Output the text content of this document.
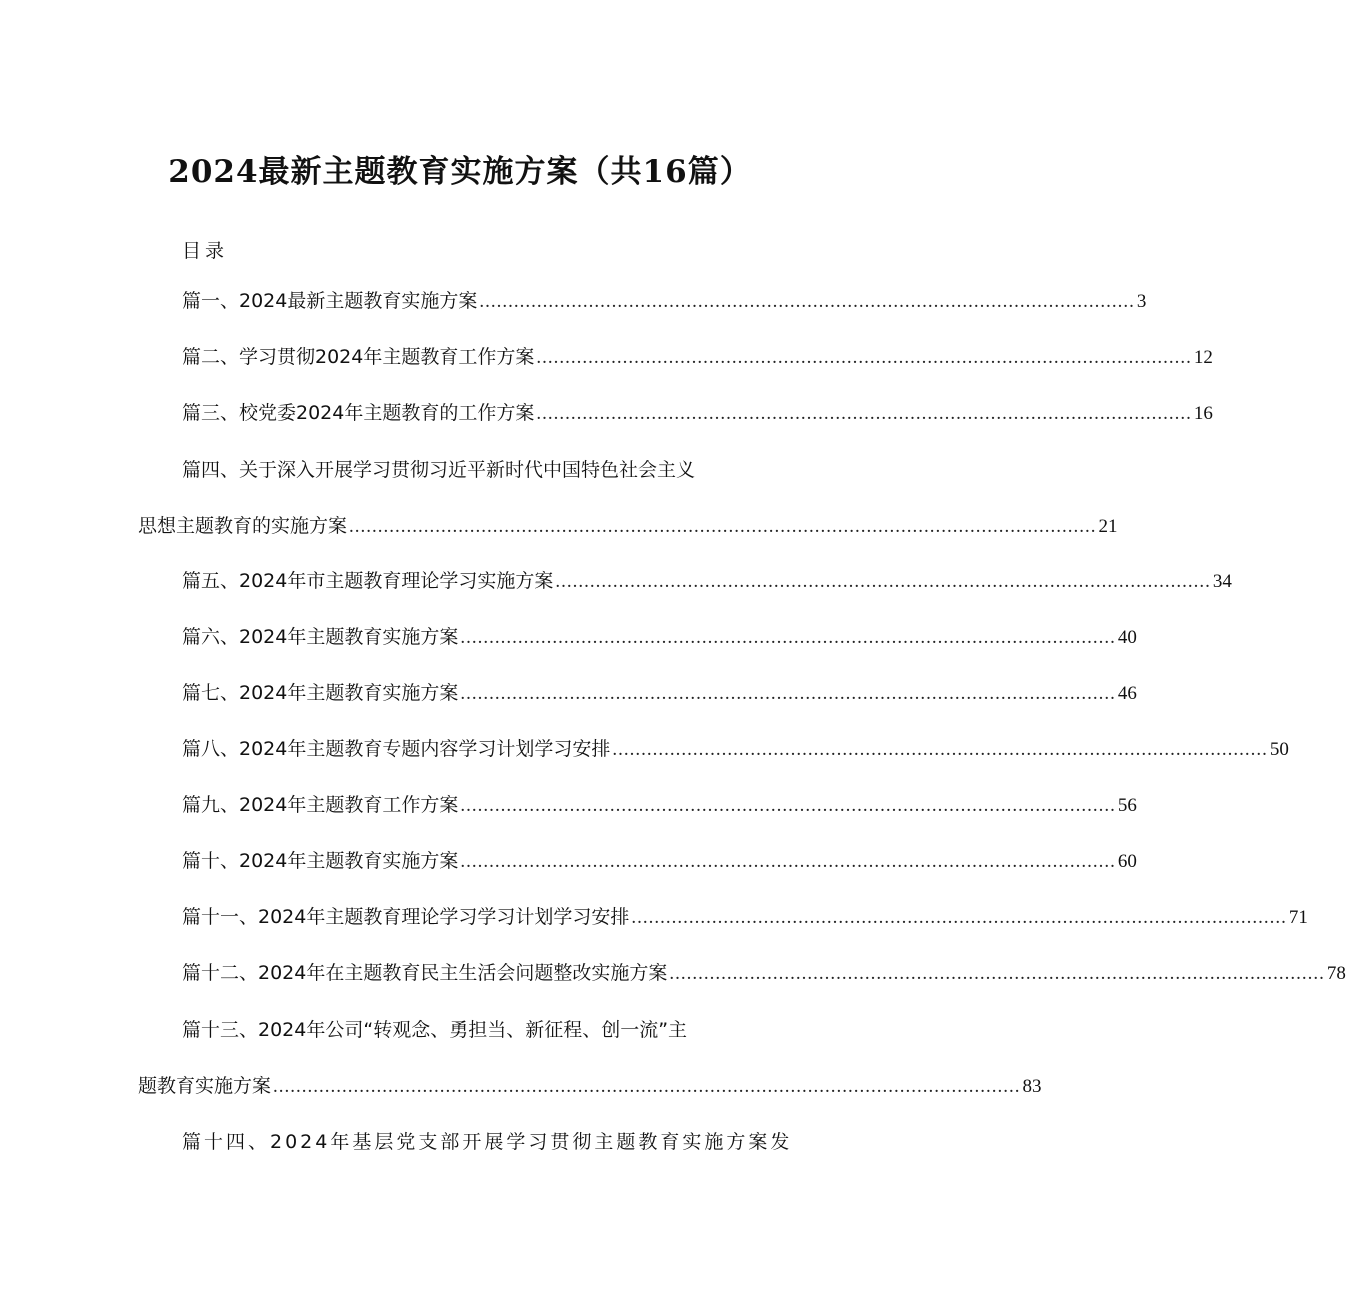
2024最新主题教育实施方案（共16篇）
目录
篇一、2024最新主题教育实施方案 .................................................................................................................. 3
篇二、学习贯彻2024年主题教育工作方案 .................................................................................................................. 12
篇三、校党委2024年主题教育的工作方案 .................................................................................................................. 16
篇四、关于深入开展学习贯彻习近平新时代中国特色社会主义
思想主题教育的实施方案 .................................................................................................................................. 21
篇五、2024年市主题教育理论学习实施方案 .................................................................................................................. 34
篇六、2024年主题教育实施方案 .................................................................................................................. 40
篇七、2024年主题教育实施方案 .................................................................................................................. 46
篇八、2024年主题教育专题内容学习计划学习安排 .................................................................................................................. 50
篇九、2024年主题教育工作方案 .................................................................................................................. 56
篇十、2024年主题教育实施方案 .................................................................................................................. 60
篇十一、2024年主题教育理论学习学习计划学习安排 .................................................................................................................. 71
篇十二、2024年在主题教育民主生活会问题整改实施方案 .................................................................................................................. 78
篇十三、2024年公司“转观念、勇担当、新征程、创一流”主
题教育实施方案 .................................................................................................................................. 83
篇十四、2024年基层党支部开展学习贯彻主题教育实施方案发
